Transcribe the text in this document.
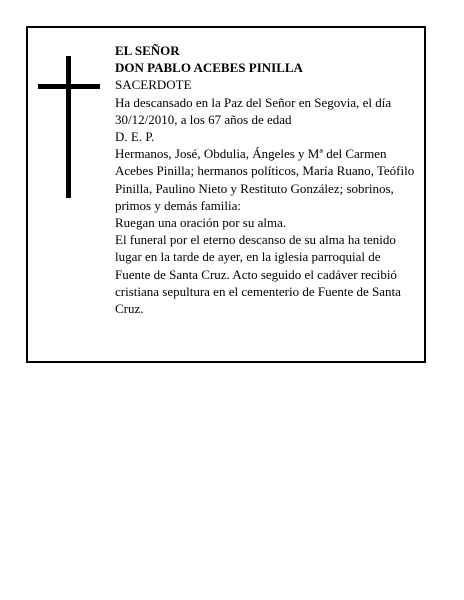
EL SEÑOR

DON PABLO ACEBES PINILLA

SACERDOTE

Ha descansado en la Paz del Señor en Segovia, el día 30/12/2010, a los 67 años de edad

D. E. P.

Hermanos, José, Obdulia, Ángeles y Mª del Carmen Acebes Pinilla; hermanos políticos, María Ruano, Teófilo Pinilla, Paulino Nieto y Restituto González; sobrinos, primos y demás familia:

Ruegan una oración por su alma.

El funeral por el eterno descanso de su alma ha tenido lugar en la tarde de ayer, en la iglesia parroquial de Fuente de Santa Cruz. Acto seguido el cadáver recibió cristiana sepultura en el cementerio de Fuente de Santa Cruz.
